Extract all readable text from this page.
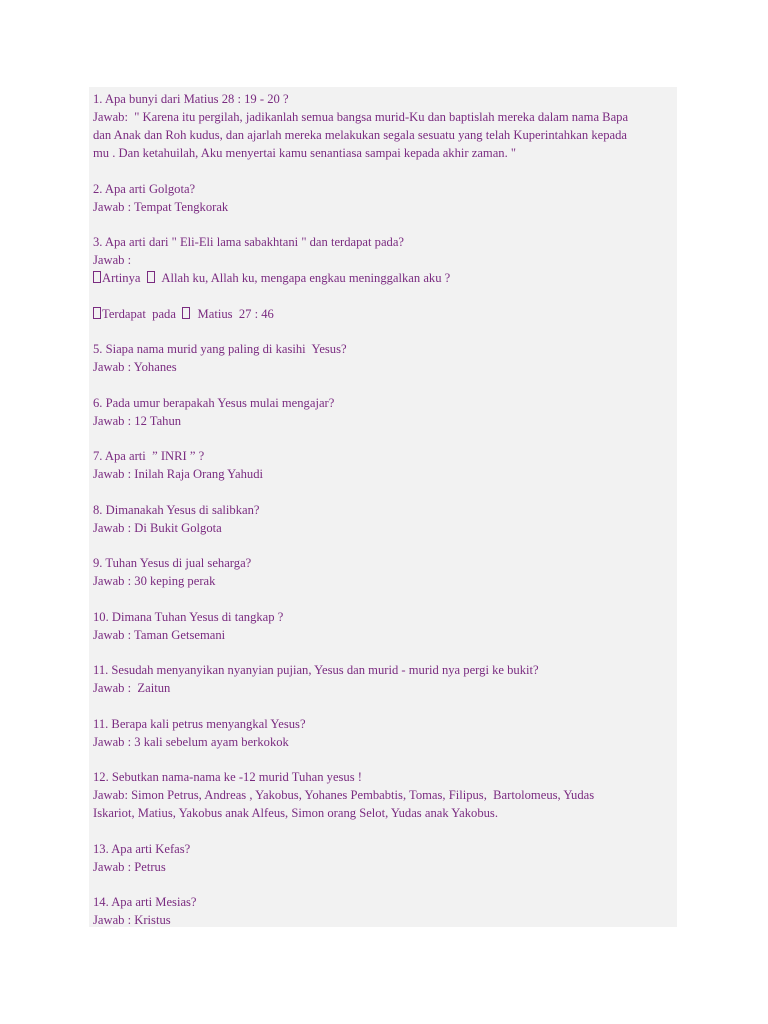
1. Apa bunyi dari Matius 28 : 19 - 20 ?

Jawab:  " Karena itu pergilah, jadikanlah semua bangsa murid-Ku dan baptislah mereka dalam nama Bapa

dan Anak dan Roh kudus, dan ajarlah mereka melakukan segala sesuatu yang telah Kuperintahkan kepada

mu . Dan ketahuilah, Aku menyertai kamu senantiasa sampai kepada akhir zaman. "

2. Apa arti Golgota?

Jawab : Tempat Tengkorak

3. Apa arti dari " Eli-Eli lama sabakhtani " dan terdapat pada?

Jawab :

Artinya Allah ku, Allah ku, mengapa engkau meninggalkan aku ?

Terdapat  pada Matius  27 : 46

5. Siapa nama murid yang paling di kasihi  Yesus?

Jawab : Yohanes

6. Pada umur berapakah Yesus mulai mengajar?

Jawab : 12 Tahun

7. Apa arti  ” INRI ” ?

Jawab : Inilah Raja Orang Yahudi

8. Dimanakah Yesus di salibkan?

Jawab : Di Bukit Golgota

9. Tuhan Yesus di jual seharga?

Jawab : 30 keping perak

10. Dimana Tuhan Yesus di tangkap ?

Jawab : Taman Getsemani

11. Sesudah menyanyikan nyanyian pujian, Yesus dan murid - murid nya pergi ke bukit?

Jawab :  Zaitun

11. Berapa kali petrus menyangkal Yesus?

Jawab : 3 kali sebelum ayam berkokok

12. Sebutkan nama-nama ke -12 murid Tuhan yesus !

Jawab: Simon Petrus, Andreas , Yakobus, Yohanes Pembabtis, Tomas, Filipus,  Bartolomeus, Yudas

Iskariot, Matius, Yakobus anak Alfeus, Simon orang Selot, Yudas anak Yakobus.

13. Apa arti Kefas?

Jawab : Petrus

14. Apa arti Mesias?

Jawab : Kristus
